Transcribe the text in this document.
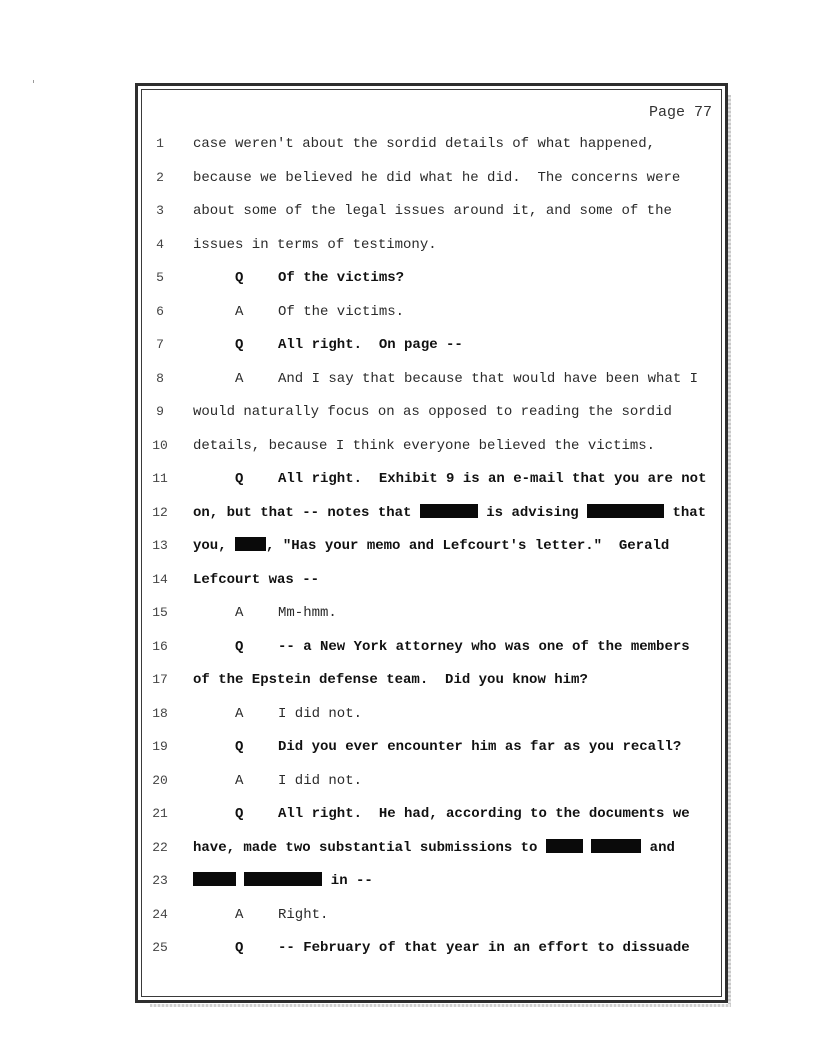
Page 77
1	case weren't about the sordid details of what happened,
2	because we believed he did what he did.  The concerns were
3	about some of the legal issues around it, and some of the
4	issues in terms of testimony.
5	Q Of the victims?
6	A Of the victims.
7	Q All right.  On page --
8	A And I say that because that would have been what I
9	would naturally focus on as opposed to reading the sordid
10	details, because I think everyone believed the victims.
11	Q All right.  Exhibit 9 is an e-mail that you are not
12	on, but that -- notes that	is advising	that
13	you, , "Has your memo and Lefcourt's letter."  Gerald
14	Lefcourt was --
15	A Mm-hmm.
16	Q -- a New York attorney who was one of the members
17	of the Epstein defense team.  Did you know him?
18	A I did not.
19	Q Did you ever encounter him as far as you recall?
20	A I did not.
21	Q All right.  He had, according to the documents we
22	have, made two substantial submissions to	and
23	in --
24	A Right.
25	Q -- February of that year in an effort to dissuade
